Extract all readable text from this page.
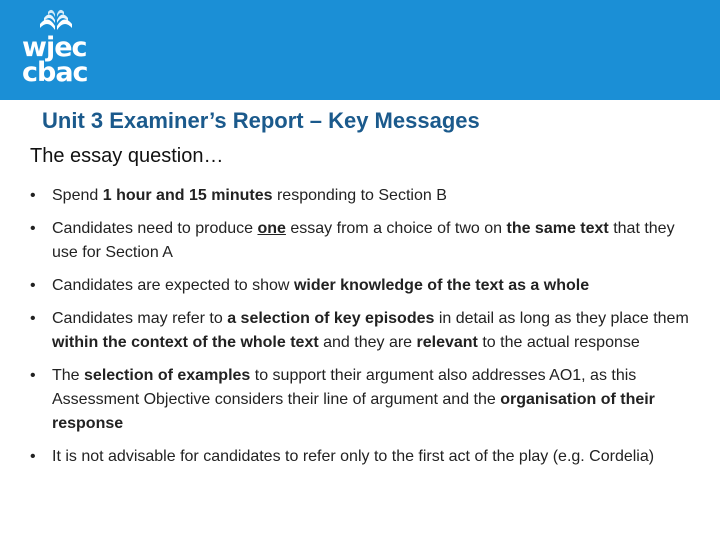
wjec
cbac
Unit 3 Examiner’s Report – Key Messages
The essay question…
• Spend 1 hour and 15 minutes responding to Section B
• Candidates need to produce one essay from a choice of two on the same text that they use for Section A
• Candidates are expected to show wider knowledge of the text as a whole
• Candidates may refer to a selection of key episodes in detail as long as they place them within the context of the whole text and they are relevant to the actual response
• The selection of examples to support their argument also addresses AO1, as this Assessment Objective considers their line of argument and the organisation of their response
• It is not advisable for candidates to refer only to the first act of the play (e.g. Cordelia)
